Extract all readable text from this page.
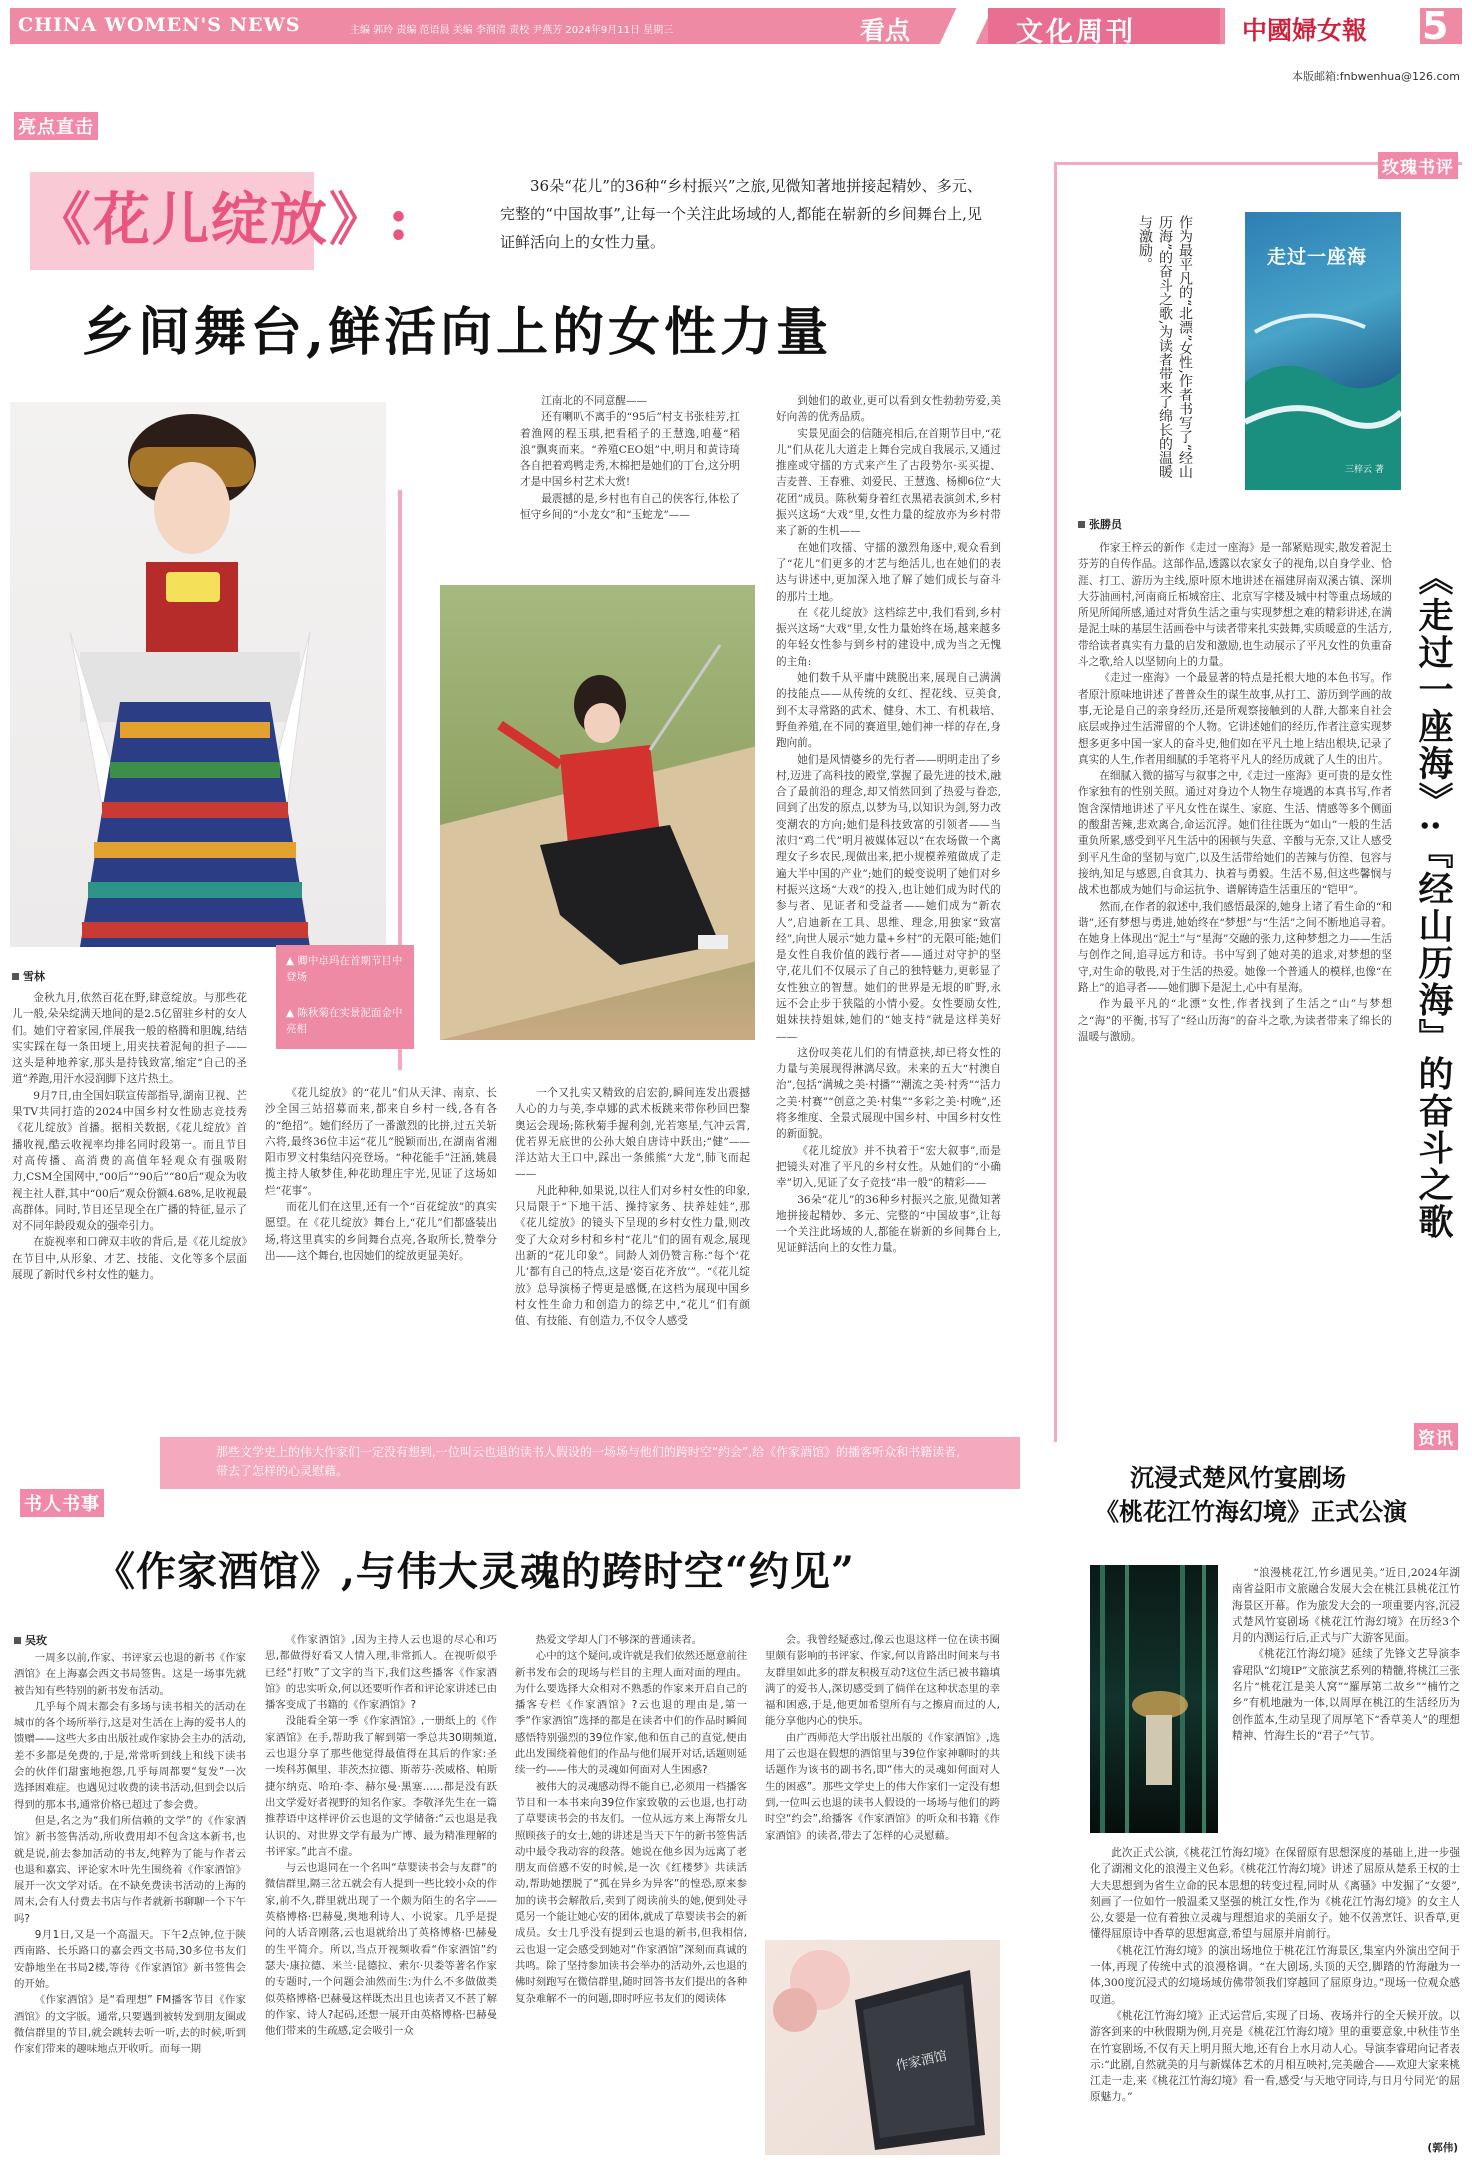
CHINA WOMEN'S NEWS	主编 郭玲 责编 范语晨 美编 李润清 责校 尹燕芳 2024年9月11日 星期三	看点	文化周刊	中國婦女報 5
本版邮箱:fnbwenhua@126.com
亮点直击
《花儿绽放》:	36朵“花儿”的36种“乡村振兴”之旅,见微知著地拼接起精妙、多元、完整的“中国故事”,让每一个关注此场域的人,都能在崭新的乡间舞台上,见证鲜活向上的女性力量。
乡间舞台,鲜活向上的女性力量
▲ 卿中卓玛在首期节目中登场
▲ 陈秋菊在实景泥面金中亮相

江南北的不同意醒——

还有喇叭不离手的“95后”村支书张桂芳,扛着渔网的程玉琪,把看稻子的王慧逸,咱蔓“稻浪”飘爽而来。“养殖CEO姐”中,明月和黄诗琦各自把着鸡鸭走秀,木棉把是她们的丁台,这分明才是中国乡村艺术大赏!

最震撼的是,乡村也有自己的侠客行,体松了恒守乡间的“小龙女”和“玉蛇龙”——

到她们的敢业,更可以看到女性勃勃劳爱,美好向善的优秀品质。

实景见面会的信随亮相后,在首期节目中,“花儿”们从花儿大道走上舞台完成自我展示,又通过推座或守擂的方式来产生了古段势尔·买买提、吉麦普、王春雅、刘爱民、王慧逸、杨柳6位“大花团”成员。陈秋菊身着红衣黑裙表演剑术,乡村振兴这场“大戏”里,女性力量的绽放亦为乡村带来了新的生机——

在她们攻擂、守擂的激烈角逐中,观众看到了“花儿”们更多的才艺与绝活儿,也在她们的表达与讲述中,更加深入地了解了她们成长与奋斗的那片土地。

在《花儿绽放》这档综艺中,我们看到,乡村振兴这场“大戏”里,女性力量始终在场,越来越多的年轻女性参与到乡村的建设中,成为当之无愧的主角:

她们数千从平庸中跳脱出来,展现自己满满的技能点——从传统的女红、捏花线、豆美食,到不太寻常路的武术、健身、木工、有机栽培、野鱼养殖,在不同的赛道里,她们神一样的存在,身跑向前。

她们是风情婆乡的先行者——明明走出了乡村,迈进了高科技的殿堂,掌握了最先进的技术,融合了最前沿的理念,却又悄然回到了热爱与眷恋,回到了出发的原点,以梦为马,以知识为剑,努力改变潮农的方向;她们是科技致富的引领者——当浓归“鸡二代”明月被媒体冠以“在农场做一个离理女子乡农民,现做出来,把小规模养殖做成了走遍大半中国的产业”;她们的蜕变说明了她们对乡村振兴这场“大戏”的投入,也让她们成为时代的参与者、见证者和受益者——她们成为“新农人”,启迪新在工具、思维、理念,用独家“致富经”,向世人展示“她力量+乡村”的无限可能;她们是女性自我价值的践行者——通过对守护的坚守,花儿们不仅展示了自己的独特魅力,更彰显了女性独立的智慧。她们的世界是无垠的旷野,永远不会止步于狭隘的小情小爱。女性要励女性,姐妹扶持姐妹,她们的“她支持”就是这样美好——

这份叹美花儿们的有情意挟,却已将女性的力量与美展现得淋漓尽致。未来的五大“村澳自治”,包括“满城之美·村播”“潮流之美·村秀”“活力之美·村赛”“创意之美·村集”“多彩之美·村晚”,还将多维度、全景式展现中国乡村、中国乡村女性的新面貌。

《花儿绽放》并不执着于“宏大叙事”,而是把镜头对准了平凡的乡村女性。从她们的“小确幸”切入,见证了女子竞技“串一般”的精彩——

36朵“花儿”的36种乡村振兴之旅,见微知著地拼接起精妙、多元、完整的“中国故事”,让每一个关注此场域的人,都能在崭新的乡间舞台上,见证鲜活向上的女性力量。

雪林

金秋九月,依然百花在野,肆意绽放。与那些花儿一般,朵朵绽满天地间的是2.5亿留驻乡村的女人们。她们守着家园,伴展我一般的格腾和胆魄,结结实实踩在每一条田埂上,用夹扶着泥甸的担子——这头是种地养家,那头是持钱致富,缩定“自己的圣道”养跑,用汗水浸润脚下这片热土。

9月7日,由全国妇联宣传部指导,湖南卫视、芒果TV共同打造的2024中国乡村女性励志竞技秀《花儿绽放》首播。据相关数据,《花儿绽放》首播收视,酷云收视率均排名同时段第一。而且节目对高传播、高消费的高值年轻观众有强吸附力,CSM全国网中,“00后”“90后”“80后”观众为收视主社人群,其中“00后”观众份额4.68%,足收视最高群体。同时,节目还呈现全在广播的特征,显示了对不同年龄段观众的强牵引力。

在旋视率和口碑双丰收的背后,是《花儿绽放》在节目中,从形象、才艺、技能、文化等多个层面展现了新时代乡村女性的魅力。

《花儿绽放》的“花儿”们从天津、南京、长沙全国三站招募而来,都来自乡村一线,各有各的“绝招”。她们经历了一番激烈的比拼,过五关斩六将,最终36位丰运“花儿”脱颖而出,在湖南省湘阳市罗文村集结闪亮登场。“种花能手”汪涵,姚晨揽主持人敏梦佳,种花助理庄宇光,见证了这场如烂“花事”。

而花儿们在这里,还有一个“百花绽放”的真实愿望。在《花儿绽放》舞台上,“花儿”们都盛装出场,将这里真实的乡间舞台点亮,各取所长,赞拳分出——这个舞台,也因她们的绽放更显美好。

一个又扎实又精致的启宏韵,瞬间连发出震撼人心的力与美,李卓娜的武术板跳来带你秒回巴黎奥运会现场;陈秋菊手握利剑,光若寒星,气冲云霄,优若界无底世的公孙大娘自唐诗中跃出;“健”——洋达站大王口中,踩出一条熊熊“大龙”,肺飞而起——

凡此种种,如果说,以往人们对乡村女性的印象,只局限于“下地干活、操持家务、扶养娃娃”,那《花儿绽放》的镜头下呈现的乡村女性力量,则改变了大众对乡村和乡村“花儿”们的固有观念,展现出新的“花儿印象”。同龄人刘仍赞言称:“每个‘花儿’都有自己的特点,这是‘姿百花齐放’”。“《花儿绽放》总导演杨子愕更是感慨,在这档为展现中国乡村女性生命力和创造力的综艺中,“花儿”们有颜值、有技能、有创造力,不仅令人感受

玫瑰书评
作为最平凡的“北漂”女性,作者书写了“经山历海”的奋斗之歌,为读者带来了绵长的温暖与激励。	走过一座海
三梓云 著
张勝员

作家王梓云的新作《走过一座海》是一部紧贴现实,散发着泥土芬芳的自传作品。这部作品,透露以农家女子的视角,以自身学业、恰涯、打工、游历为主线,原叶原木地讲述在福建屏南双溪古镇、深圳大芬油画村,河南商丘柘城窑庄、北京写字楼及城中村等重点场域的所见所闻所感,通过对背负生活之重与实现梦想之难的精彩讲述,在满是泥土味的基层生活画卷中与读者带来扎实鼓舞,实质暖意的生活方,带给读者真实有力量的启发和激励,也生动展示了平凡女性的负重奋斗之歌,给人以坚韧向上的力量。

《走过一座海》一个最显著的特点是托根大地的本色书写。作者原汁原味地讲述了普普众生的谋生故事,从打工、游历到学画的故事,无论是自己的亲身经历,还是所观察接触到的人群,大都来自社会底层或挣过生活滞留的个人物。它讲述她们的经历,作者注意实现梦想多更多中国一家人的奋斗史,他们如在平凡土地上结出根块,记录了真实的人生,作者用细腻的手笔将平凡人的经历成就了人生的出片。

在细腻入微的描写与叙事之中,《走过一座海》更可贵的是女性作家独有的性别关照。通过对身边个人物生存境遇的本真书写,作者饱含深情地讲述了平凡女性在谋生、家庭、生活、情感等多个侧面的酸甜苦辣,悲欢离合,命运沉浮。她们往往既为“如山”一般的生活重负所累,感受到平凡生活中的困顿与失意、辛酸与无奈,又让人感受到平凡生命的坚韧与宽广,以及生活带给她们的苦辣与仿徨、包容与接纳,知足与感恩,自食其力、执着与勇毅。生活不易,但这些馨悯与战术也都成为她们与命运抗争、谱解铸造生活重压的“铠甲”。

然而,在作者的叙述中,我们感悟最深的,她身上诸了看生命的“和谐”,还有梦想与勇进,她始终在“梦想”与“生活”之间不断地追寻着。在她身上体现出“泥土”与“星海”交融的张力,这种梦想之力——生活与创作之间,追寻远方和诗。书中写到了她对美的追求,对梦想的坚守,对生命的敬畏,对于生活的热爱。她像一个普通人的模样,也像“在路上”的追寻者——她们脚下是泥土,心中有星海。

作为最平凡的“北漂”女性,作者找到了生活之“山”与梦想之“海”的平衡,书写了“经山历海”的奋斗之歌,为读者带来了绵长的温暖与激励。	《走过一座海》:『经山历海』的奋斗之歌
资讯
沉浸式楚风竹宴剧场
《桃花江竹海幻境》正式公演

“浪漫桃花江,竹乡遇见美。”近日,2024年湖南省益阳市文旅融合发展大会在桃江县桃花江竹海景区开幕。作为旅发大会的一项重要内容,沉浸式楚风竹宴剧场《桃花江竹海幻境》在历经3个月的内测运行后,正式与广大游客见面。

《桃花江竹海幻境》延续了先锋文艺导演李睿珺队“幻境IP”文旅演艺系列的精髓,将桃江三张名片“桃花江是美人窝”“羅厚第二故乡”“楠竹之乡”有机地融为一体,以周厚在桃江的生活经历为创作蓝本,生动呈现了周厚笔下“香草美人”的理想精神、竹海生长的“君子”气节。

此次正式公演,《桃花江竹海幻境》在保留原有思想深度的基础上,进一步强化了湖湘文化的浪漫主义色彩。《桃花江竹海幻境》讲述了屈原从楚系王权的士大夫思想到为省生立命的民本思想的转变过程,同时从《离骚》中发掘了“女媭”,刻画了一位如竹一般温柔又坚强的桃江女性,作为《桃花江竹海幻境》的女主人公,女媭是一位有着独立灵魂与理想追求的美丽女子。她不仅善烹饪、识香草,更懂得屈原诗中香草的思想寓意,希望与屈原并肩前行。

《桃花江竹海幻境》的演出场地位于桃花江竹海景区,集室内外演出空间于一体,再现了传统中式的浪漫格调。“在大剧场,头顶的天空,脚踏的竹海融为一体,300度沉浸式的幻境场域仿佛带领我们穿越回了屈原身边。”现场一位观众感叹道。

《桃花江竹海幻境》正式运营后,实现了日场、夜场并行的全天候开放。以游客到来的中秋假期为例,月亮是《桃花江竹海幻境》里的重要意象,中秋佳节坐在竹宴剧场,不仅有天上明月照大地,还有台上水月动人心。导演李睿珺向记者表示:“此剧,自然就美的月与新媒体艺术的月相互映衬,完美融合——欢迎大家来桃江走一走,来《桃花江竹海幻境》看一看,感受‘与天地守同诗,与日月兮同光’的屈原魅力。”

(郭伟)
那些文学史上的伟大作家们一定没有想到,一位叫云也退的读书人假设的一场场与他们的跨时空“约会”,给《作家酒馆》的播客听众和书籍读者,带去了怎样的心灵慰藉。
书人书事
《作家酒馆》,与伟大灵魂的跨时空“约见”
吴玫

一周多以前,作家、书评家云也退的新书《作家酒馆》在上海嘉会西文书局签售。这是一场事先就被告知有些特别的新书发布活动。

几乎每个周末都会有多场与读书相关的活动在城市的各个场所举行,这是对生活在上海的爱书人的馈赠——这些大多由出版社或作家协会主办的活动,差不多都是免费的,于是,常常听到线上和线下读书会的伙伴们甜蜜地抱怨,几乎每周都要“复发”一次选择困难症。也遇见过收费的读书活动,但到会以后得到的那本书,通常价格已超过了参会费。

但是,名之为“我们所信赖的文学”的《作家酒馆》新书签售活动,所收费用却不包含这本新书,也就是说,前去参加活动的书友,纯粹为了能与作者云也退和嘉宾、评论家木叶先生围绕着《作家酒馆》展开一次文学对话。在不缺免费读书活动的上海的周末,会有人付费去书店与作者就新书聊聊一个下午吗?

9月1日,又是一个高温天。下午2点钟,位于陕西南路、长乐路口的嘉会西文书局,30多位书友们安静地坐在书局2楼,等待《作家酒馆》新书签售会的开始。

《作家酒馆》是“看理想” FM播客节目《作家酒馆》的文字版。通常,只要遇到被转发到朋友圈或微信群里的节目,就会跳转去听一听,去的时候,听到作家们带来的趣味地点开收听。而每一期

《作家酒馆》,因为主持人云也退的尽心和巧思,都做得好看又人情入理,非常抓人。在视听似乎已经“打败”了文字的当下,我们这些播客《作家酒馆》的忠实听众,何以还要听作者和评论家讲述已由播客变成了书籍的《作家酒馆》?

没能看全第一季《作家酒馆》,一册纸上的《作家酒馆》在手,帮助我了解到第一季总共30期频道,云也退分享了那些他觉得最值得在其后的作家:圣一埃科苏佩里、菲茨杰拉德、斯蒂芬·茨威格、帕斯捷尔纳克、哈珀·李、赫尔曼·黑塞……都是没有跃出文学爱好者视野的知名作家。李敬泽先生在一篇推荐语中这样评价云也退的文学储备:“云也退是我认识的、对世界文学有最为广博、最为精准理解的书评家。”此言不虚。

与云也退同在一个名叫“草婴读书会与友群”的微信群里,隔三岔五就会有人提到一些比较小众的作家,前不久,群里就出现了一个颇为陌生的名字——英格博格·巴赫曼,奥地利诗人、小说家。几乎是提问的人话音刚落,云也退就给出了英格博格·巴赫曼的生平简介。所以,当点开视频收看“作家酒馆”约瑟夫·康拉德、米兰·昆德拉、索尔·贝娄等著名作家的专题时,一个问题会油然而生:为什么不多做做类似英格博格·巴赫曼这样既杰出且也读者又不甚了解的作家、诗人?起码,还想一展开由英格博格·巴赫曼他们带来的生疏感,定会吸引一众

热爱文学却人门不够深的普通读者。

心中的这个疑问,或许就是我们依然还愿意前往新书发布会的现场与栏目的主理人面对面的理由。为什么要选择大众相对不熟悉的作家来开启自己的播客专栏《作家酒馆》?云也退的理由是,第一季“作家酒馆”选择的都是在读者中们的作品时瞬间感悟特别强烈的39位作家,他和伍自己的直觉,便由此出发围绕着他们的作品与他们展开对话,话题则延续一约——伟大的灵魂如何面对人生困惑?

被伟大的灵魂感动得不能自已,必须用一档播客节目和一本书来向39位作家致敬的云也退,也打动了草婴读书会的书友们。一位从远方来上海帮女儿照顾孩子的女士,她的讲述是当天下午的新书签售活动中最令我动容的段落。她说在他乡因为远离了老朋友而倍感不安的时候,是一次《红楼梦》共读活动,帮助她摆脱了“孤在异乡为异客”的惶恐,原来参加的读书会解散后,卖到了阅读前头的她,便到处寻觅另一个能让她心安的团体,就成了草婴读书会的新成员。女士几乎没有提到云也退的新书,但我相信,云也退一定会感受到她对“作家酒馆”深刻而真诚的共鸣。除了坚持参加读书会举办的活动外,云也退的佛时刻跑写在微信群里,随时回答书友们提出的各种复杂难解不一的问题,即时呼应书友们的阅读体

会。我曾经疑惑过,像云也退这样一位在读书圈里颇有影响的书评家、作家,何以肯路出时间来与书友群里如此多的群友积极互动?这位生活已被书籍填满了的爱书人,深切感受到了倘佯在这种状态里的幸福和困惑,于是,他更加希望所有与之擦肩而过的人,能分享他内心的快乐。

由广西师范大学出版社出版的《作家酒馆》,选用了云也退在假想的酒馆里与39位作家神聊时的共话题作为该书的副书名,即“伟大的灵魂如何面对人生的困惑”。那些文学史上的伟大作家们一定没有想到,一位叫云也退的读书人假设的一场场与他们的跨时空“约会”,给播客《作家酒馆》的听众和书籍《作家酒馆》的读者,带去了怎样的心灵慰藉。

作家酒馆
